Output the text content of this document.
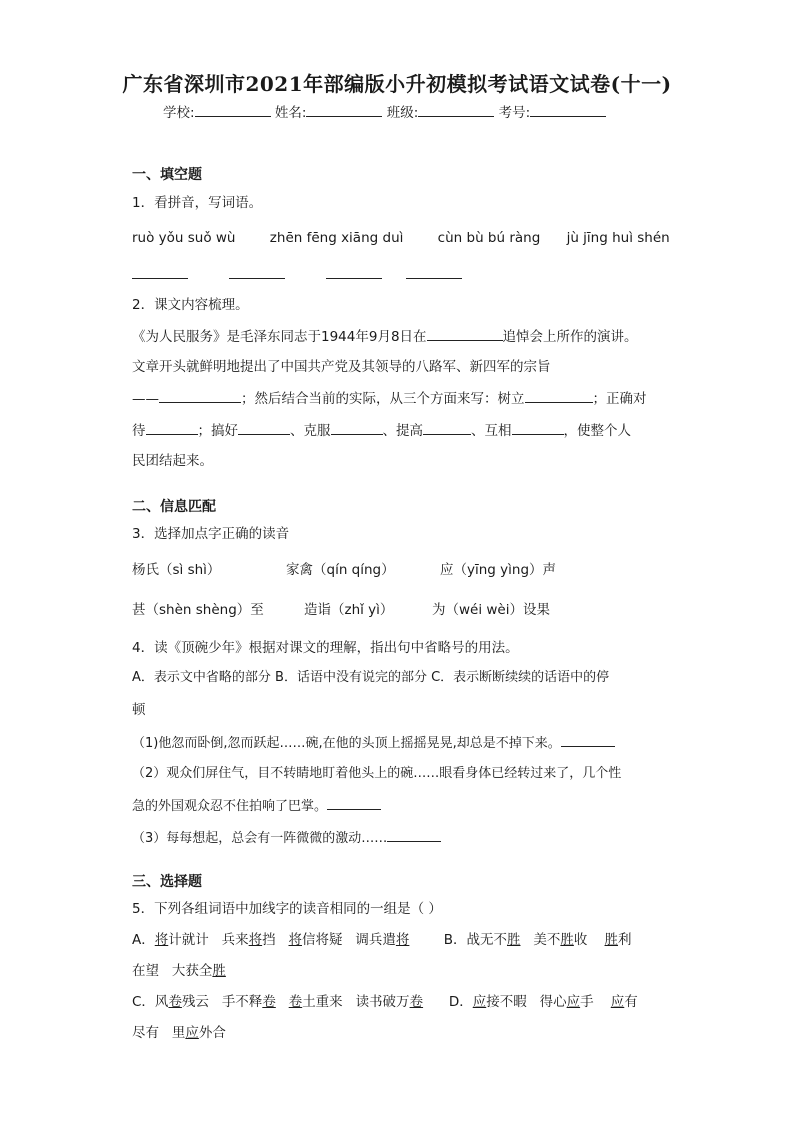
广东省深圳市2021年部编版小升初模拟考试语文试卷(十一)
学校:	姓名:	班级:	考号:
一、填空题
1．看拼音，写词语。
ruò yǒu suǒ wù	zhēn fēng xiāng duì	cùn bù bú ràng jù jīng huì shén
2．课文内容梳理。
《为人民服务》是毛泽东同志于1944年9月8日在	追悼会上所作的演讲。
文章开头就鲜明地提出了中国共产党及其领导的八路军、新四军的宗旨
——	；然后结合当前的实际，从三个方面来写：树立	；正确对
待	；搞好	、克服	、提高	、互相	，使整个人
民团结起来。
二、信息匹配
3．选择加点字正确的读音
杨氏（sì shì）	家禽（qín qíng）	应（yīng yìng）声
甚（shèn shèng）至	造诣（zhǐ yì）	为（wéi wèi）设果
4．读《顶碗少年》根据对课文的理解，指出句中省略号的用法。
A．表示文中省略的部分 B．话语中没有说完的部分 C．表示断断续续的话语中的停
顿
（1)他忽而卧倒,忽而跃起……碗,在他的头顶上摇摇晃晃,却总是不掉下来。
（2）观众们屏住气，目不转睛地盯着他头上的碗……眼看身体已经转过来了，几个性
急的外国观众忍不住拍响了巴掌。
（3）每每想起，总会有一阵微微的激动……
三、选择题
5．下列各组词语中加线字的读音相同的一组是（ ）
A．将计就计 兵来将挡 将信将疑 调兵遣将	B．战无不胜 美不胜收 胜利
在望 大获全胜
C．风卷残云 手不释卷 卷土重来 读书破万卷 D．应接不暇 得心应手 应有
尽有 里应外合
